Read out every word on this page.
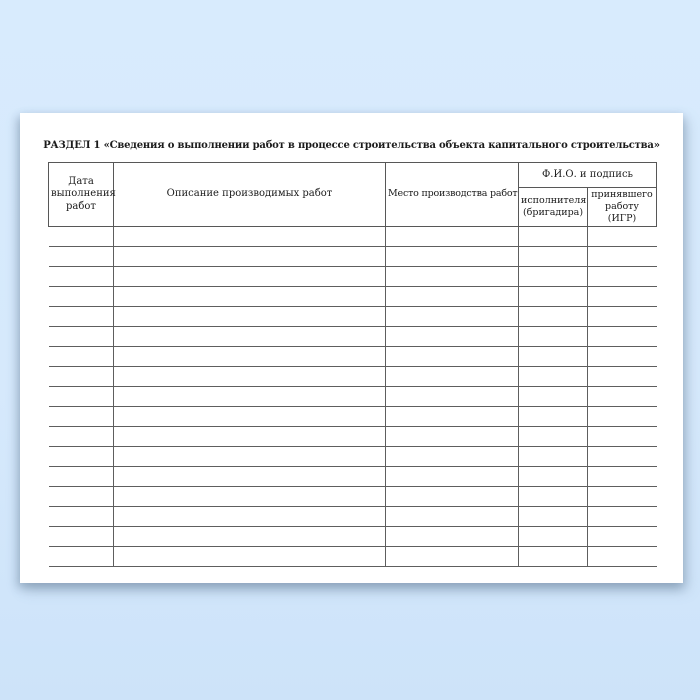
РАЗДЕЛ 1 «Сведения о выполнении работ в процессе строительства объекта капитального строительства»
Дата выполнения работ	Описание производимых работ	Место производства работ	Ф.И.О. и подпись	
			исполнителя (бригадира)	принявшего работу (ИГР)
